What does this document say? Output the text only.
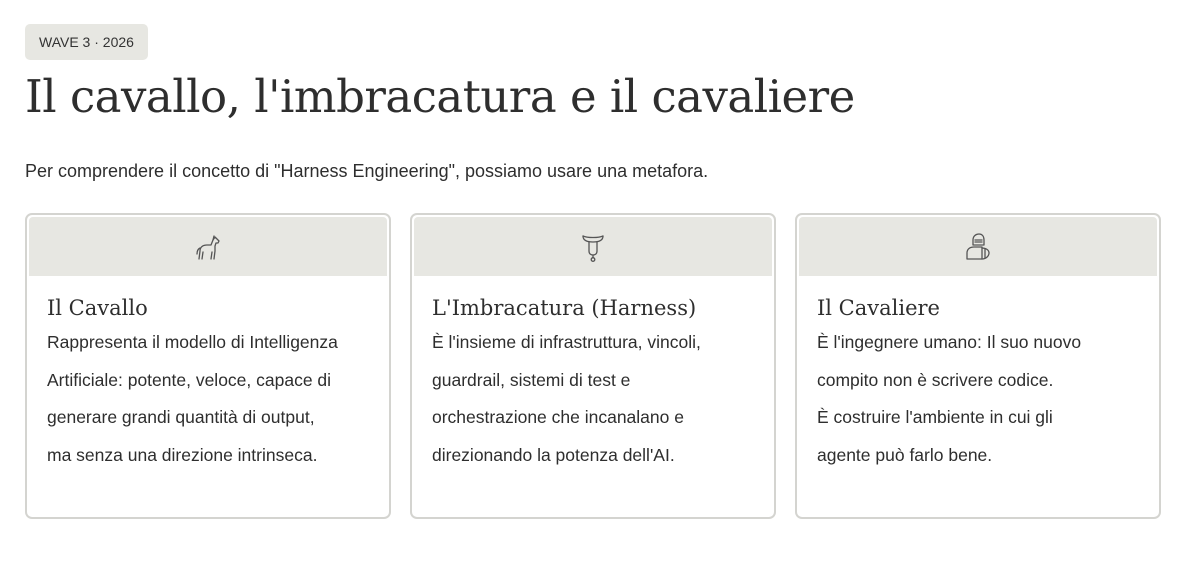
WAVE 3 · 2026
Il cavallo, l'imbracatura e il cavaliere

Per comprendere il concetto di "Harness Engineering", possiamo usare una metafora.

Il Cavallo

Rappresenta il modello di Intelligenza
Artificiale: potente, veloce, capace di
generare grandi quantità di output,
ma senza una direzione intrinseca.

L'Imbracatura (Harness)

È l'insieme di infrastruttura, vincoli,
guardrail, sistemi di test e
orchestrazione che incanalano e
direzionando la potenza dell'AI.

Il Cavaliere

È l'ingegnere umano: Il suo nuovo
compito non è scrivere codice.
È costruire l'ambiente in cui gli
agente può farlo bene.
